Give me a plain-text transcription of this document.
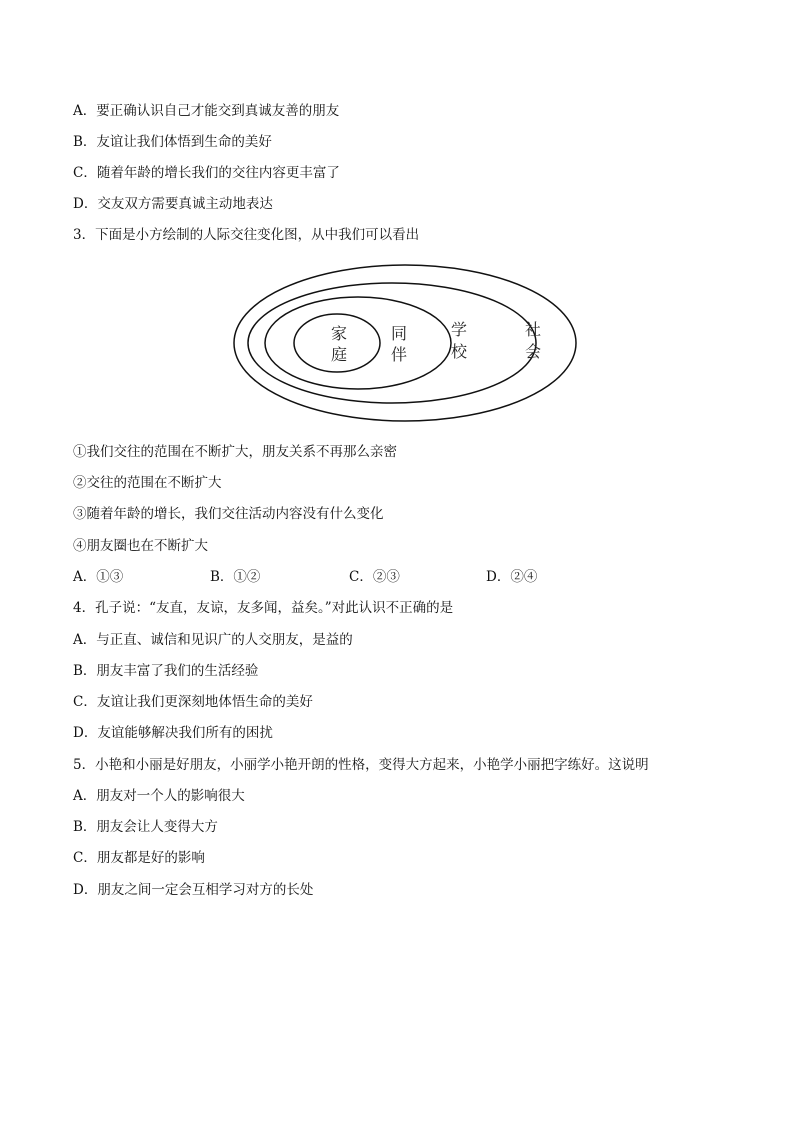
A．要正确认识自己才能交到真诚友善的朋友
B．友谊让我们体悟到生命的美好
C．随着年龄的增长我们的交往内容更丰富了
D．交友双方需要真诚主动地表达
3．下面是小方绘制的人际交往变化图，从中我们可以看出
家
庭
同
伴
学
校
社
会
①我们交往的范围在不断扩大，朋友关系不再那么亲密
②交往的范围在不断扩大
③随着年龄的增长，我们交往活动内容没有什么变化
④朋友圈也在不断扩大
A．①③	B．①②	C．②③	D．②④
4．孔子说：“友直，友谅，友多闻，益矣。”对此认识不正确的是
A．与正直、诚信和见识广的人交朋友，是益的
B．朋友丰富了我们的生活经验
C．友谊让我们更深刻地体悟生命的美好
D．友谊能够解决我们所有的困扰
5．小艳和小丽是好朋友，小丽学小艳开朗的性格，变得大方起来，小艳学小丽把字练好。这说明
A．朋友对一个人的影响很大
B．朋友会让人变得大方
C．朋友都是好的影响
D．朋友之间一定会互相学习对方的长处
